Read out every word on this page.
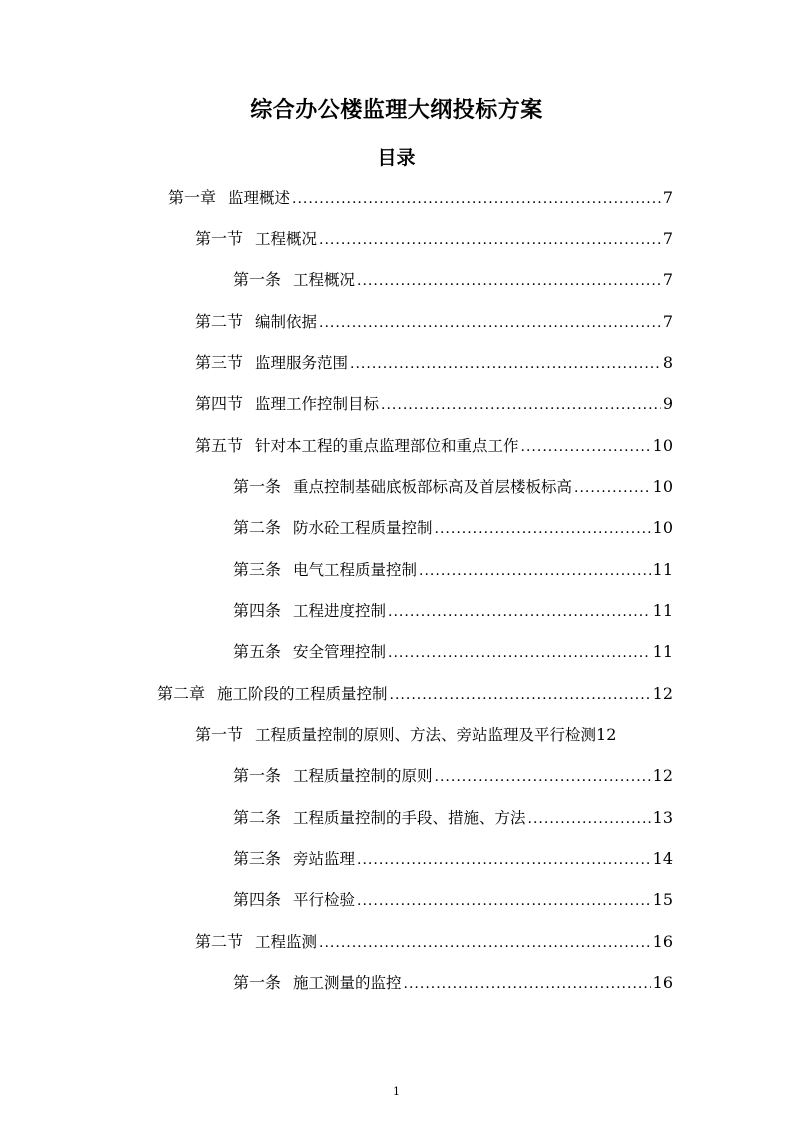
综合办公楼监理大纲投标方案
目录
第一章 监理概述 .....	7
第一节 工程概况 .....	7
第一条 工程概况 .....	7
第二节 编制依据 .....	7
第三节 监理服务范围 .....	8
第四节 监理工作控制目标 .....	9
第五节 针对本工程的重点监理部位和重点工作 .....	10
第一条 重点控制基础底板部标高及首层楼板标高 .....	10
第二条 防水砼工程质量控制 .....	10
第三条 电气工程质量控制 .....	11
第四条 工程进度控制 .....	11
第五条 安全管理控制 .....	11
第二章 施工阶段的工程质量控制 .....	12
第一节 工程质量控制的原则、方法、旁站监理及平行检测 12
第一条 工程质量控制的原则 .....	12
第二条 工程质量控制的手段、措施、方法 .....	13
第三条 旁站监理 .....	14
第四条 平行检验 .....	15
第二节 工程监测 .....	16
第一条 施工测量的监控 .....	16
1
